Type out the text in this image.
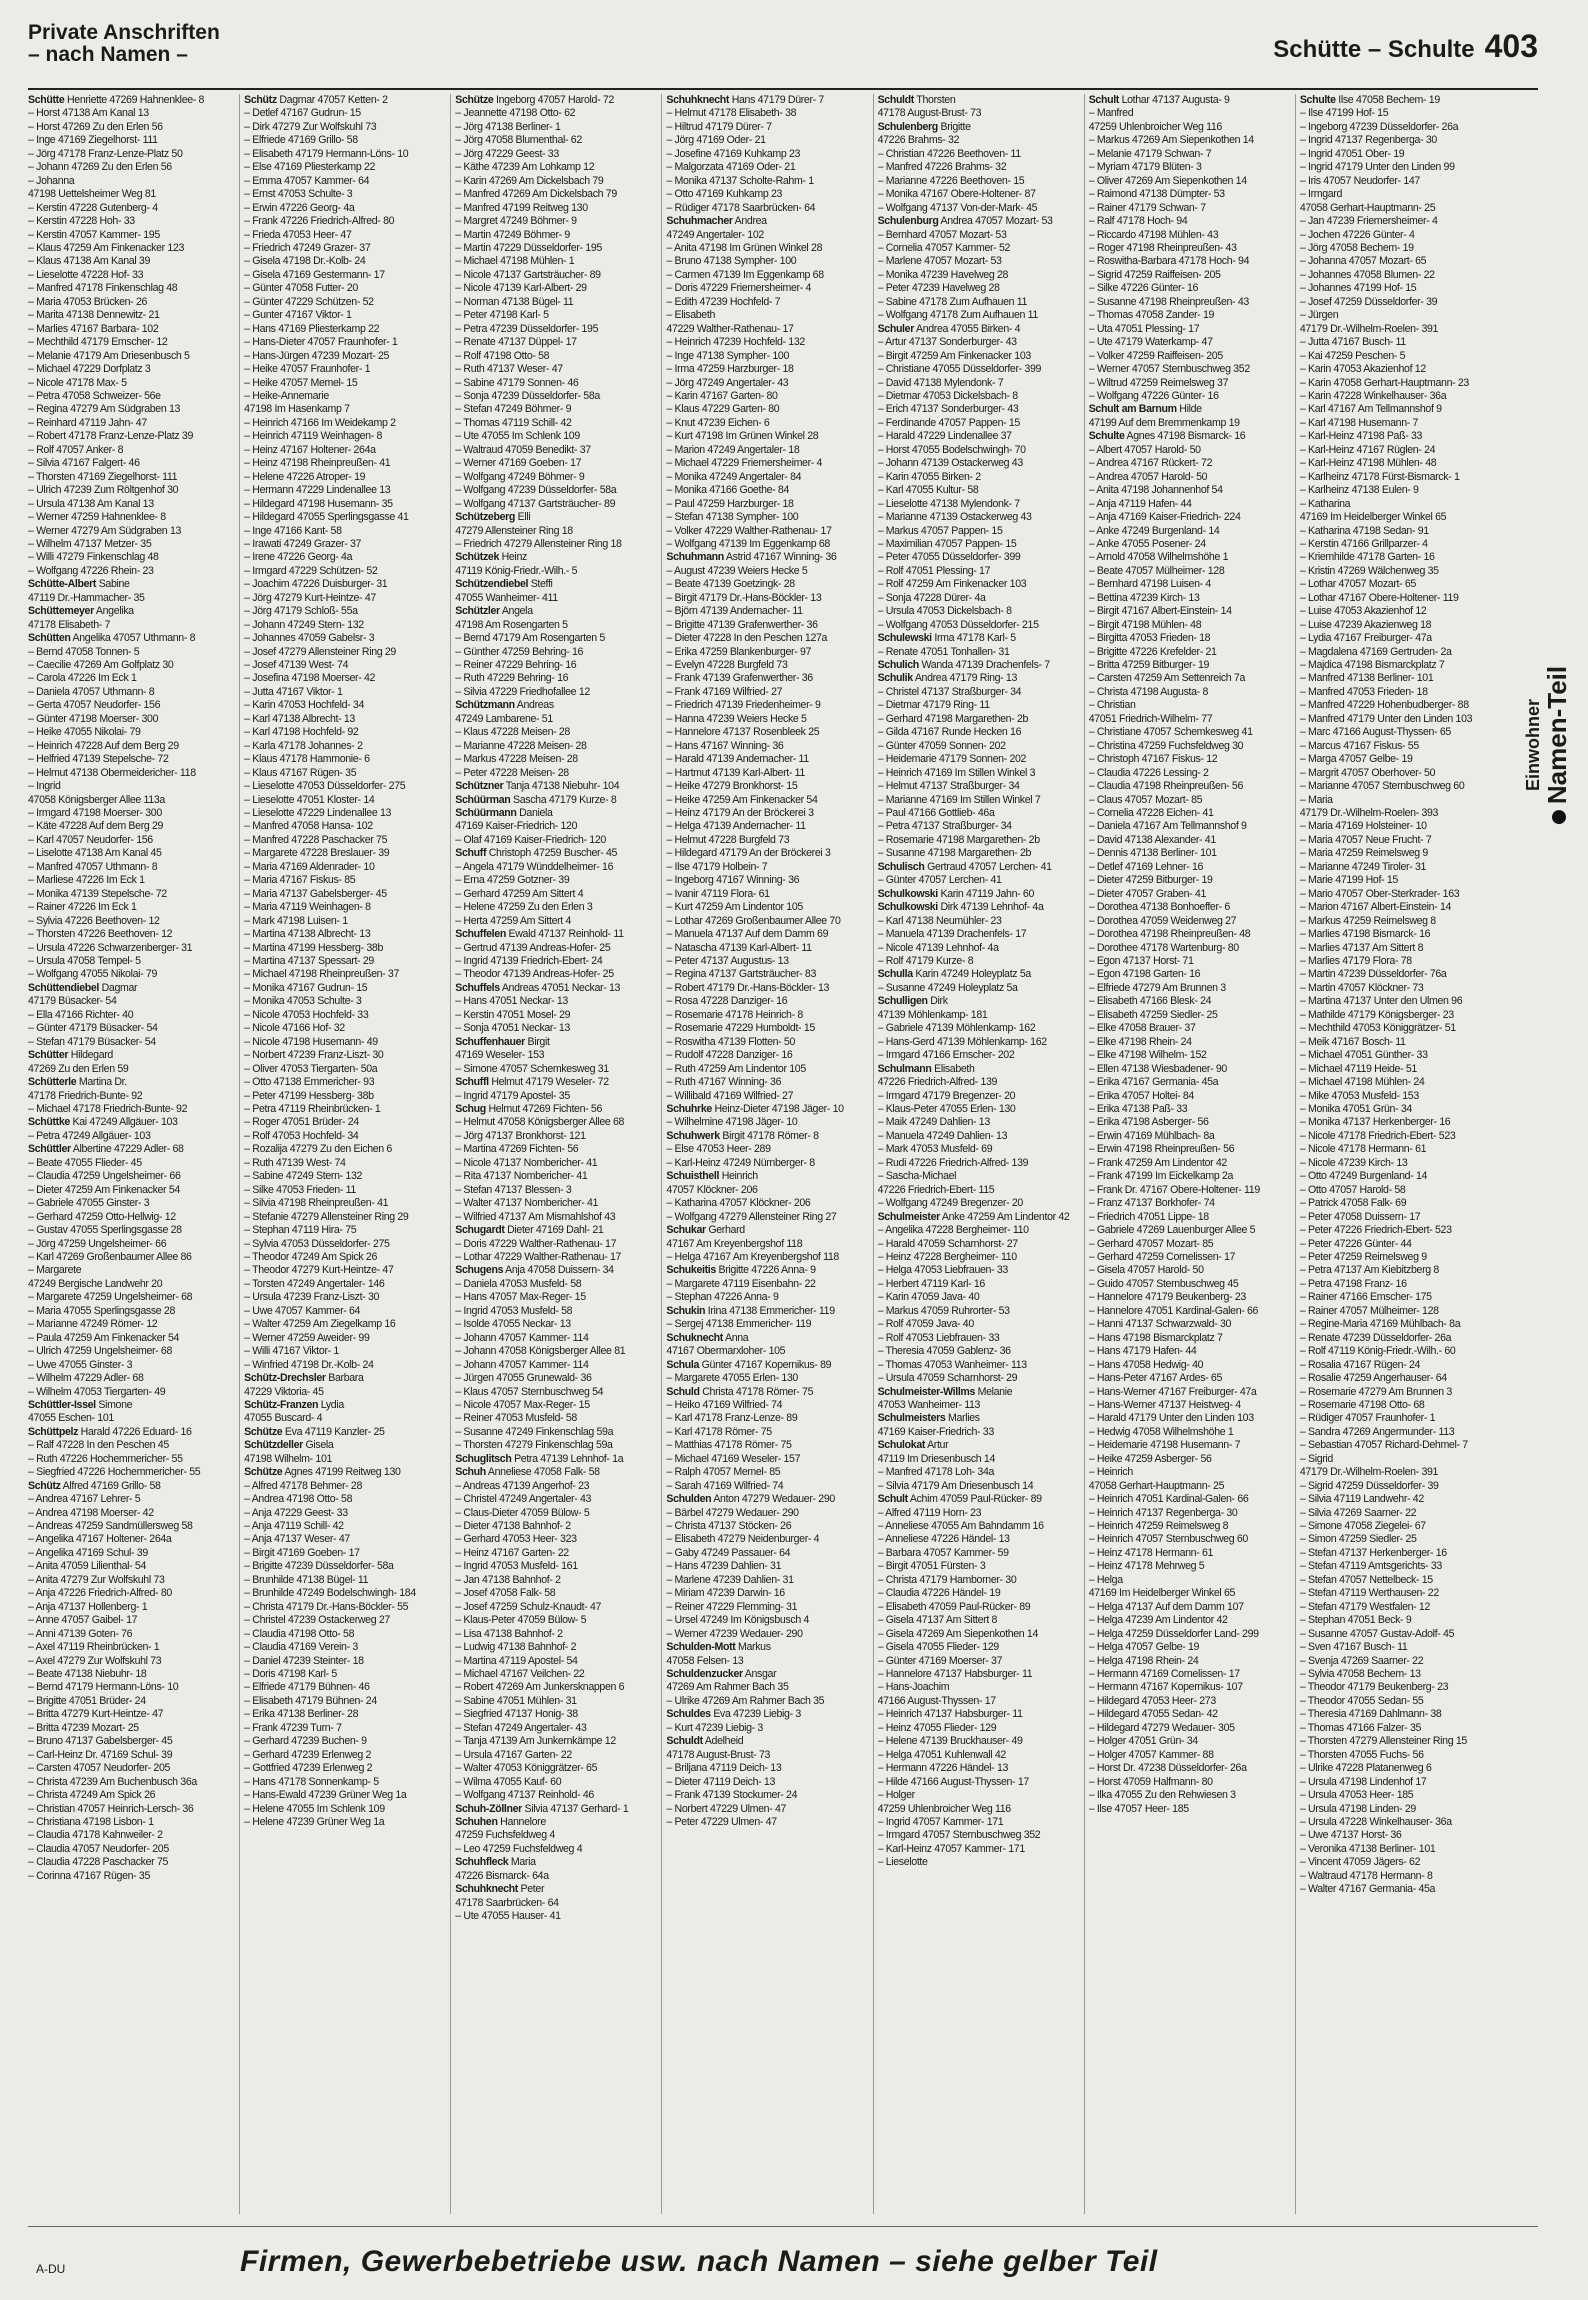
Private Anschriften
– nach Namen –	Schütte – Schulte 403
Schütte Henriette 47269 Hahnenklee- 8
– Horst 47138 Am Kanal 13
– Horst 47269 Zu den Erlen 56
– Inge 47169 Ziegelhorst- 111
– Jörg 47178 Franz-Lenze-Platz 50
– Johann 47269 Zu den Erlen 56
– Johanna
47198 Uettelsheimer Weg 81
– Kerstin 47228 Gutenberg- 4
– Kerstin 47228 Hoh- 33
– Kerstin 47057 Kammer- 195
– Klaus 47259 Am Finkenacker 123
– Klaus 47138 Am Kanal 39
– Lieselotte 47228 Hof- 33
– Manfred 47178 Finkenschlag 48
– Maria 47053 Brücken- 26
– Marita 47138 Dennewitz- 21
– Marlies 47167 Barbara- 102
– Mechthild 47179 Emscher- 12
– Melanie 47179 Am Driesenbusch 5
– Michael 47229 Dorfplatz 3
– Nicole 47178 Max- 5
– Petra 47058 Schweizer- 56e
– Regina 47279 Am Südgraben 13
– Reinhard 47119 Jahn- 47
– Robert 47178 Franz-Lenze-Platz 39
– Rolf 47057 Anker- 8
– Silvia 47167 Falgert- 46
– Thorsten 47169 Ziegelhorst- 111
– Ulrich 47239 Zum Röltgenhof 30
– Ursula 47138 Am Kanal 13
– Werner 47259 Hahnenklee- 8
– Werner 47279 Am Südgraben 13
– Wilhelm 47137 Metzer- 35
– Willi 47279 Finkenschlag 48
– Wolfgang 47226 Rhein- 23
Schütte-Albert Sabine
47119 Dr.-Hammacher- 35
Schüttemeyer Angelika
47178 Elisabeth- 7
Schütten Angelika 47057 Uthmann- 8
– Bernd 47058 Tonnen- 5
– Caecilie 47269 Am Golfplatz 30
– Carola 47226 Im Eck 1
– Daniela 47057 Uthmann- 8
– Gerta 47057 Neudorfer- 156
– Günter 47198 Moerser- 300
– Heike 47055 Nikolai- 79
– Heinrich 47228 Auf dem Berg 29
– Helfried 47139 Stepelsche- 72
– Helmut 47138 Obermeidericher- 118
– Ingrid
47058 Königsberger Allee 113a
– Irmgard 47198 Moerser- 300
– Käte 47228 Auf dem Berg 29
– Karl 47057 Neudorfer- 156
– Liselotte 47138 Am Kanal 45
– Manfred 47057 Uthmann- 8
– Marliese 47226 Im Eck 1
– Monika 47139 Stepelsche- 72
– Rainer 47226 Im Eck 1
– Sylvia 47226 Beethoven- 12
– Thorsten 47226 Beethoven- 12
– Ursula 47226 Schwarzenberger- 31
– Ursula 47058 Tempel- 5
– Wolfgang 47055 Nikolai- 79
Schüttendiebel Dagmar
47179 Büsacker- 54
– Ella 47166 Richter- 40
– Günter 47179 Büsacker- 54
– Stefan 47179 Büsacker- 54
Schütter Hildegard
47269 Zu den Erlen 59
Schütterle Martina Dr.
47178 Friedrich-Bunte- 92
– Michael 47178 Friedrich-Bunte- 92
Schüttke Kai 47249 Allgäuer- 103
– Petra 47249 Allgäuer- 103
Schüttler Albertine 47229 Adler- 68
– Beate 47055 Flieder- 45
– Claudia 47259 Ungelsheimer- 66
– Dieter 47259 Am Finkenacker 54
– Gabriele 47055 Ginster- 3
– Gerhard 47259 Otto-Hellwig- 12
– Gustav 47055 Sperlingsgasse 28
– Jörg 47259 Ungelsheimer- 66
– Karl 47269 Großenbaumer Allee 86
– Margarete
47249 Bergische Landwehr 20
– Margarete 47259 Ungelsheimer- 68
– Maria 47055 Sperlingsgasse 28
– Marianne 47249 Römer- 12
– Paula 47259 Am Finkenacker 54
– Ulrich 47259 Ungelsheimer- 68
– Uwe 47055 Ginster- 3
– Wilhelm 47229 Adler- 68
– Wilhelm 47053 Tiergarten- 49
Schüttler-Issel Simone
47055 Eschen- 101
Schüttpelz Harald 47226 Eduard- 16
– Ralf 47228 In den Peschen 45
– Ruth 47226 Hochemmericher- 55
– Siegfried 47226 Hochemmericher- 55
Schütz Alfred 47169 Grillo- 58
– Andrea 47167 Lehrer- 5
– Andrea 47198 Moerser- 42
– Andreas 47259 Sandmüllersweg 58
– Angelika 47167 Holtener- 264a
– Angelika 47169 Schul- 39
– Anita 47059 Lilienthal- 54
– Anita 47279 Zur Wolfskuhl 73
– Anja 47226 Friedrich-Alfred- 80
– Anja 47137 Hollenberg- 1
– Anne 47057 Gaibel- 17
– Anni 47139 Goten- 76
– Axel 47119 Rheinbrücken- 1
– Axel 47279 Zur Wolfskuhl 73
– Beate 47138 Niebuhr- 18
– Bernd 47179 Hermann-Löns- 10
– Brigitte 47051 Brüder- 24
– Britta 47279 Kurt-Heintze- 47
– Britta 47239 Mozart- 25
– Bruno 47137 Gabelsberger- 45
– Carl-Heinz Dr. 47169 Schul- 39
– Carsten 47057 Neudorfer- 205
– Christa 47239 Am Buchenbusch 36a
– Christa 47249 Am Spick 26
– Christian 47057 Heinrich-Lersch- 36
– Christiana 47198 Lisbon- 1
– Claudia 47178 Kahnweiler- 2
– Claudia 47057 Neudorfer- 205
– Claudia 47228 Paschacker 75
– Corinna 47167 Rügen- 35
Schütz Dagmar 47057 Ketten- 2
– Detlef 47167 Gudrun- 15
– Dirk 47279 Zur Wolfskuhl 73
– Elfriede 47169 Grillo- 58
– Elisabeth 47179 Hermann-Löns- 10
– Else 47169 Pliesterkamp 22
– Emma 47057 Kammer- 64
– Ernst 47053 Schulte- 3
– Erwin 47226 Georg- 4a
– Frank 47226 Friedrich-Alfred- 80
– Frieda 47053 Heer- 47
– Friedrich 47249 Grazer- 37
– Gisela 47198 Dr.-Kolb- 24
– Gisela 47169 Gestermann- 17
– Günter 47058 Futter- 20
– Günter 47229 Schützen- 52
– Gunter 47167 Viktor- 1
– Hans 47169 Pliesterkamp 22
– Hans-Dieter 47057 Fraunhofer- 1
– Hans-Jürgen 47239 Mozart- 25
– Heike 47057 Fraunhofer- 1
– Heike 47057 Memel- 15
– Heike-Annemarie
47198 Im Hasenkamp 7
– Heinrich 47166 Im Weidekamp 2
– Heinrich 47119 Weinhagen- 8
– Heinz 47167 Holtener- 264a
– Heinz 47198 Rheinpreußen- 41
– Helene 47226 Atroper- 19
– Hermann 47229 Lindenallee 13
– Hildegard 47198 Husemann- 35
– Hildegard 47055 Sperlingsgasse 41
– Inge 47166 Kant- 58
– Irawati 47249 Grazer- 37
– Irene 47226 Georg- 4a
– Irmgard 47229 Schützen- 52
– Joachim 47226 Duisburger- 31
– Jörg 47279 Kurt-Heintze- 47
– Jörg 47179 Schloß- 55a
– Johann 47249 Stern- 132
– Johannes 47059 Gabelsr- 3
– Josef 47279 Allensteiner Ring 29
– Josef 47139 West- 74
– Josefina 47198 Moerser- 42
– Jutta 47167 Viktor- 1
– Karin 47053 Hochfeld- 34
– Karl 47138 Albrecht- 13
– Karl 47198 Hochfeld- 92
– Karla 47178 Johannes- 2
– Klaus 47178 Hammonie- 6
– Klaus 47167 Rügen- 35
– Lieselotte 47053 Düsseldorfer- 275
– Lieselotte 47051 Kloster- 14
– Lieselotte 47229 Lindenallee 13
– Manfred 47058 Hansa- 102
– Manfred 47228 Paschacker 75
– Margarete 47228 Breslauer- 39
– Maria 47169 Aldenrader- 10
– Maria 47167 Fiskus- 85
– Maria 47137 Gabelsberger- 45
– Maria 47119 Weinhagen- 8
– Mark 47198 Luisen- 1
– Martina 47138 Albrecht- 13
– Martina 47199 Hessberg- 38b
– Martina 47137 Spessart- 29
– Michael 47198 Rheinpreußen- 37
– Monika 47167 Gudrun- 15
– Monika 47053 Schulte- 3
– Nicole 47053 Hochfeld- 33
– Nicole 47166 Hof- 32
– Nicole 47198 Husemann- 49
– Norbert 47239 Franz-Liszt- 30
– Oliver 47053 Tiergarten- 50a
– Otto 47138 Emmericher- 93
– Peter 47199 Hessberg- 38b
– Petra 47119 Rheinbrücken- 1
– Roger 47051 Brüder- 24
– Rolf 47053 Hochfeld- 34
– Rozalija 47279 Zu den Eichen 6
– Ruth 47139 West- 74
– Sabine 47249 Stern- 132
– Silke 47053 Frieden- 11
– Silvia 47198 Rheinpreußen- 41
– Stefanie 47279 Allensteiner Ring 29
– Stephan 47119 Hira- 75
– Sylvia 47053 Düsseldorfer- 275
– Theodor 47249 Am Spick 26
– Theodor 47279 Kurt-Heintze- 47
– Torsten 47249 Angertaler- 146
– Ursula 47239 Franz-Liszt- 30
– Uwe 47057 Kammer- 64
– Walter 47259 Am Ziegelkamp 16
– Werner 47259 Aweider- 99
– Willi 47167 Viktor- 1
– Winfried 47198 Dr.-Kolb- 24
Schütz-Drechsler Barbara
47229 Viktoria- 45
Schütz-Franzen Lydia
47055 Buscard- 4
Schütze Eva 47119 Kanzler- 25
Schützdeller Gisela
47198 Wilhelm- 101
Schütze Agnes 47199 Reitweg 130
– Alfred 47178 Behmer- 28
– Andrea 47198 Otto- 58
– Anja 47229 Geest- 33
– Anja 47119 Schill- 42
– Anja 47137 Weser- 47
– Birgit 47169 Goeben- 17
– Brigitte 47239 Düsseldorfer- 58a
– Brunhilde 47138 Bügel- 11
– Brunhilde 47249 Bodelschwingh- 184
– Christa 47179 Dr.-Hans-Böckler- 55
– Christel 47239 Ostackerweg 27
– Claudia 47198 Otto- 58
– Claudia 47169 Verein- 3
– Daniel 47239 Steinter- 18
– Doris 47198 Karl- 5
– Elfriede 47179 Bühnen- 46
– Elisabeth 47179 Bühnen- 24
– Erika 47138 Berliner- 28
– Frank 47239 Turn- 7
– Gerhard 47239 Buchen- 9
– Gerhard 47239 Erlenweg 2
– Gottfried 47239 Erlenweg 2
– Hans 47178 Sonnenkamp- 5
– Hans-Ewald 47239 Grüner Weg 1a
– Helene 47055 Im Schlenk 109
– Helene 47239 Grüner Weg 1a
Schütze Ingeborg 47057 Harold- 72
– Jeannette 47198 Otto- 62
– Jörg 47138 Berliner- 1
– Jörg 47058 Blumenthal- 62
– Jörg 47229 Geest- 33
– Käthe 47239 Am Lohkamp 12
– Karin 47269 Am Dickelsbach 79
– Manfred 47269 Am Dickelsbach 79
– Manfred 47199 Reitweg 130
– Margret 47249 Böhmer- 9
– Martin 47249 Böhmer- 9
– Martin 47229 Düsseldorfer- 195
– Michael 47198 Mühlen- 1
– Nicole 47137 Gartsträucher- 89
– Nicole 47139 Karl-Albert- 29
– Norman 47138 Bügel- 11
– Peter 47198 Karl- 5
– Petra 47239 Düsseldorfer- 195
– Renate 47137 Düppel- 17
– Rolf 47198 Otto- 58
– Ruth 47137 Weser- 47
– Sabine 47179 Sonnen- 46
– Sonja 47239 Düsseldorfer- 58a
– Stefan 47249 Böhmer- 9
– Thomas 47119 Schill- 42
– Ute 47055 Im Schlenk 109
– Waltraud 47059 Benedikt- 37
– Werner 47169 Goeben- 17
– Wolfgang 47249 Böhmer- 9
– Wolfgang 47239 Düsseldorfer- 58a
– Wolfgang 47137 Gartsträucher- 89
Schützeberg Elli
47279 Allensteiner Ring 18
– Friedrich 47279 Allensteiner Ring 18
Schützek Heinz
47119 König-Friedr.-Wilh.- 5
Schützendiebel Steffi
47055 Wanheimer- 411
Schützler Angela
47198 Am Rosengarten 5
– Bernd 47179 Am Rosengarten 5
– Günther 47259 Behring- 16
– Reiner 47229 Behring- 16
– Ruth 47229 Behring- 16
– Silvia 47229 Friedhofallee 12
Schützmann Andreas
47249 Lambarene- 51
– Klaus 47228 Meisen- 28
– Marianne 47228 Meisen- 28
– Markus 47228 Meisen- 28
– Peter 47228 Meisen- 28
Schützner Tanja 47138 Niebuhr- 104
Schüürman Sascha 47179 Kurze- 8
Schüürmann Daniela
47169 Kaiser-Friedrich- 120
– Olaf 47169 Kaiser-Friedrich- 120
Schuff Christoph 47259 Buscher- 45
– Angela 47179 Wünddelheimer- 16
– Erna 47259 Gotzner- 39
– Gerhard 47259 Am Sittert 4
– Helene 47259 Zu den Erlen 3
– Herta 47259 Am Sittert 4
Schuffelen Ewald 47137 Reinhold- 11
– Gertrud 47139 Andreas-Hofer- 25
– Ingrid 47139 Friedrich-Ebert- 24
– Theodor 47139 Andreas-Hofer- 25
Schuffels Andreas 47051 Neckar- 13
– Hans 47051 Neckar- 13
– Kerstin 47051 Mosel- 29
– Sonja 47051 Neckar- 13
Schuffenhauer Birgit
47169 Weseler- 153
– Simone 47057 Schemkesweg 31
Schuffl Helmut 47179 Weseler- 72
– Ingrid 47179 Apostel- 35
Schug Helmut 47269 Fichten- 56
– Helmut 47058 Königsberger Allee 68
– Jörg 47137 Bronkhorst- 121
– Martina 47269 Fichten- 56
– Nicole 47137 Nombericher- 41
– Rita 47137 Nombericher- 41
– Stefan 47137 Blessen- 3
– Walter 47137 Nombericher- 41
– Wilfried 47137 Am Mismahlshof 43
Schugardt Dieter 47169 Dahl- 21
– Doris 47229 Walther-Rathenau- 17
– Lothar 47229 Walther-Rathenau- 17
Schugens Anja 47058 Duissern- 34
– Daniela 47053 Musfeld- 58
– Hans 47057 Max-Reger- 15
– Ingrid 47053 Musfeld- 58
– Isolde 47055 Neckar- 13
– Johann 47057 Kammer- 114
– Johann 47058 Königsberger Allee 81
– Johann 47057 Kammer- 114
– Jürgen 47055 Grunewald- 36
– Klaus 47057 Sternbuschweg 54
– Nicole 47057 Max-Reger- 15
– Reiner 47053 Musfeld- 58
– Susanne 47249 Finkenschlag 59a
– Thorsten 47279 Finkenschlag 59a
Schuglitsch Petra 47139 Lehnhof- 1a
Schuh Anneliese 47058 Falk- 58
– Andreas 47139 Angerhof- 23
– Christel 47249 Angertaler- 43
– Claus-Dieter 47059 Bülow- 5
– Dieter 47138 Bahnhof- 2
– Gerhard 47053 Heer- 323
– Heinz 47167 Garten- 22
– Ingrid 47053 Musfeld- 161
– Jan 47138 Bahnhof- 2
– Josef 47058 Falk- 58
– Josef 47259 Schulz-Knaudt- 47
– Klaus-Peter 47059 Bülow- 5
– Lisa 47138 Bahnhof- 2
– Ludwig 47138 Bahnhof- 2
– Martina 47119 Apostel- 54
– Michael 47167 Veilchen- 22
– Robert 47269 Am Junkersknappen 6
– Sabine 47051 Mühlen- 31
– Siegfried 47137 Honig- 38
– Stefan 47249 Angertaler- 43
– Tanja 47139 Am Junkernkämpe 12
– Ursula 47167 Garten- 22
– Walter 47053 Königgrätzer- 65
– Wilma 47055 Kauf- 60
– Wolfgang 47137 Reinhold- 46
Schuh-Zöllner Silvia 47137 Gerhard- 1
Schuhen Hannelore
47259 Fuchsfeldweg 4
– Leo 47259 Fuchsfeldweg 4
Schuhfleck Maria
47226 Bismarck- 64a
Schuhknecht Peter
47178 Saarbrücken- 64
– Ute 47055 Hauser- 41
Schuhknecht Hans 47179 Dürer- 7
– Helmut 47178 Elisabeth- 38
– Hiltrud 47179 Dürer- 7
– Jörg 47169 Oder- 21
– Josefine 47169 Kuhkamp 23
– Malgorzata 47169 Oder- 21
– Monika 47137 Scholte-Rahm- 1
– Otto 47169 Kuhkamp 23
– Rüdiger 47178 Saarbrücken- 64
Schuhmacher Andrea
47249 Angertaler- 102
– Anita 47198 Im Grünen Winkel 28
– Bruno 47138 Sympher- 100
– Carmen 47139 Im Eggenkamp 68
– Doris 47229 Friemersheimer- 4
– Edith 47239 Hochfeld- 7
– Elisabeth
47229 Walther-Rathenau- 17
– Heinrich 47239 Hochfeld- 132
– Inge 47138 Sympher- 100
– Irma 47259 Harzburger- 18
– Jörg 47249 Angertaler- 43
– Karin 47167 Garten- 80
– Klaus 47229 Garten- 80
– Knut 47239 Eichen- 6
– Kurt 47198 Im Grünen Winkel 28
– Marion 47249 Angertaler- 18
– Michael 47229 Friemersheimer- 4
– Monika 47249 Angertaler- 84
– Monika 47166 Goethe- 84
– Paul 47259 Harzburger- 18
– Stefan 47138 Sympher- 100
– Volker 47229 Walther-Rathenau- 17
– Wolfgang 47139 Im Eggenkamp 68
Schuhmann Astrid 47167 Winning- 36
– August 47239 Weiers Hecke 5
– Beate 47139 Goetzingk- 28
– Birgit 47179 Dr.-Hans-Böckler- 13
– Björn 47139 Andernacher- 11
– Brigitte 47139 Grafenwerther- 36
– Dieter 47228 In den Peschen 127a
– Erika 47259 Blankenburger- 97
– Evelyn 47228 Burgfeld 73
– Frank 47139 Grafenwerther- 36
– Frank 47169 Wilfried- 27
– Friedrich 47139 Friedenheimer- 9
– Hanna 47239 Weiers Hecke 5
– Hannelore 47137 Rosenbleek 25
– Hans 47167 Winning- 36
– Harald 47139 Andernacher- 11
– Hartmut 47139 Karl-Albert- 11
– Heike 47279 Bronkhorst- 15
– Heike 47259 Am Finkenacker 54
– Heinz 47179 An der Bröckerei 3
– Helga 47139 Andernacher- 11
– Helmut 47228 Burgfeld 73
– Hildegard 47179 An der Bröckerei 3
– Ilse 47179 Holbein- 7
– Ingeborg 47167 Winning- 36
– Ivanir 47119 Flora- 61
– Kurt 47259 Am Lindentor 105
– Lothar 47269 Großenbaumer Allee 70
– Manuela 47137 Auf dem Damm 69
– Natascha 47139 Karl-Albert- 11
– Peter 47137 Augustus- 13
– Regina 47137 Gartsträucher- 83
– Robert 47179 Dr.-Hans-Böckler- 13
– Rosa 47228 Danziger- 16
– Rosemarie 47178 Heinrich- 8
– Rosemarie 47229 Humboldt- 15
– Roswitha 47139 Flotten- 50
– Rudolf 47228 Danziger- 16
– Ruth 47259 Am Lindentor 105
– Ruth 47167 Winning- 36
– Willibald 47169 Wilfried- 27
Schuhrke Heinz-Dieter 47198 Jäger- 10
– Wilhelmine 47198 Jäger- 10
Schuhwerk Birgit 47178 Römer- 8
– Else 47053 Heer- 289
– Karl-Heinz 47249 Nürnberger- 8
Schuisthell Heinrich
47057 Klöckner- 206
– Katharina 47057 Klöckner- 206
– Wolfgang 47279 Allensteiner Ring 27
Schukar Gerhard
47167 Am Kreyenbergshof 118
– Helga 47167 Am Kreyenbergshof 118
Schukeitis Brigitte 47226 Anna- 9
– Margarete 47119 Eisenbahn- 22
– Stephan 47226 Anna- 9
Schukin Irina 47138 Emmericher- 119
– Sergej 47138 Emmericher- 119
Schuknecht Anna
47167 Obermarxloher- 105
Schula Günter 47167 Kopernikus- 89
– Margarete 47055 Erlen- 130
Schuld Christa 47178 Römer- 75
– Heiko 47169 Wilfried- 74
– Karl 47178 Franz-Lenze- 89
– Karl 47178 Römer- 75
– Matthias 47178 Römer- 75
– Michael 47169 Weseler- 157
– Ralph 47057 Memel- 85
– Sarah 47169 Wilfried- 74
Schulden Anton 47279 Wedauer- 290
– Bärbel 47279 Wedauer- 290
– Christa 47137 Stöcken- 26
– Elisabeth 47279 Neidenburger- 4
– Gaby 47249 Passauer- 64
– Hans 47239 Dahlien- 31
– Marlene 47239 Dahlien- 31
– Miriam 47239 Darwin- 16
– Reiner 47229 Flemming- 31
– Ursel 47249 Im Königsbusch 4
– Werner 47239 Wedauer- 290
Schulden-Mott Markus
47058 Felsen- 13
Schuldenzucker Ansgar
47269 Am Rahmer Bach 35
– Ulrike 47269 Am Rahmer Bach 35
Schuldes Eva 47239 Liebig- 3
– Kurt 47239 Liebig- 3
Schuldt Adelheid
47178 August-Brust- 73
– Briljana 47119 Deich- 13
– Dieter 47119 Deich- 13
– Frank 47139 Stockumer- 24
– Norbert 47229 Ulmen- 47
– Peter 47229 Ulmen- 47
Schuldt Thorsten
47178 August-Brust- 73
Schulenberg Brigitte
47226 Brahms- 32
– Christian 47226 Beethoven- 11
– Manfred 47226 Brahms- 32
– Marianne 47226 Beethoven- 15
– Monika 47167 Obere-Holtener- 87
– Wolfgang 47137 Von-der-Mark- 45
Schulenburg Andrea 47057 Mozart- 53
– Bernhard 47057 Mozart- 53
– Cornelia 47057 Kammer- 52
– Marlene 47057 Mozart- 53
– Monika 47239 Havelweg 28
– Peter 47239 Havelweg 28
– Sabine 47178 Zum Aufhauen 11
– Wolfgang 47178 Zum Aufhauen 11
Schuler Andrea 47055 Birken- 4
– Artur 47137 Sonderburger- 43
– Birgit 47259 Am Finkenacker 103
– Christiane 47055 Düsseldorfer- 399
– David 47138 Mylendonk- 7
– Dietmar 47053 Dickelsbach- 8
– Erich 47137 Sonderburger- 43
– Ferdinande 47057 Pappen- 15
– Harald 47229 Lindenallee 37
– Horst 47055 Bodelschwingh- 70
– Johann 47139 Ostackerweg 43
– Karin 47055 Birken- 2
– Karl 47055 Kultur- 58
– Lieselotte 47138 Mylendonk- 7
– Marianne 47139 Ostackerweg 43
– Markus 47057 Pappen- 15
– Maximilian 47057 Pappen- 15
– Peter 47055 Düsseldorfer- 399
– Rolf 47051 Plessing- 17
– Rolf 47259 Am Finkenacker 103
– Sonja 47228 Dürer- 4a
– Ursula 47053 Dickelsbach- 8
– Wolfgang 47053 Düsseldorfer- 215
Schulewski Irma 47178 Karl- 5
– Renate 47051 Tonhallen- 31
Schulich Wanda 47139 Drachenfels- 7
Schulik Andrea 47179 Ring- 13
– Christel 47137 Straßburger- 34
– Dietmar 47179 Ring- 11
– Gerhard 47198 Margarethen- 2b
– Gilda 47167 Runde Hecken 16
– Günter 47059 Sonnen- 202
– Heidemarie 47179 Sonnen- 202
– Heinrich 47169 Im Stillen Winkel 3
– Helmut 47137 Straßburger- 34
– Marianne 47169 Im Stillen Winkel 7
– Paul 47166 Gottlieb- 46a
– Petra 47137 Straßburger- 34
– Rosemarie 47198 Margarethen- 2b
– Susanne 47198 Margarethen- 2b
Schulisch Gertraud 47057 Lerchen- 41
– Günter 47057 Lerchen- 41
Schulkowski Karin 47119 Jahn- 60
Schulkowski Dirk 47139 Lehnhof- 4a
– Karl 47138 Neumühler- 23
– Manuela 47139 Drachenfels- 17
– Nicole 47139 Lehnhof- 4a
– Rolf 47179 Kurze- 8
Schulla Karin 47249 Holeyplatz 5a
– Susanne 47249 Holeyplatz 5a
Schulligen Dirk
47139 Möhlenkamp- 181
– Gabriele 47139 Möhlenkamp- 162
– Hans-Gerd 47139 Möhlenkamp- 162
– Irmgard 47166 Emscher- 202
Schulmann Elisabeth
47226 Friedrich-Alfred- 139
– Irmgard 47179 Bregenzer- 20
– Klaus-Peter 47055 Erlen- 130
– Maik 47249 Dahlien- 13
– Manuela 47249 Dahlien- 13
– Mark 47053 Musfeld- 69
– Rudi 47226 Friedrich-Alfred- 139
– Sascha-Michael
47226 Friedrich-Ebert- 115
– Wolfgang 47249 Bregenzer- 20
Schulmeister Anke 47259 Am Lindentor 42
– Angelika 47228 Bergheimer- 110
– Harald 47059 Scharnhorst- 27
– Heinz 47228 Bergheimer- 110
– Helga 47053 Liebfrauen- 33
– Herbert 47119 Karl- 16
– Karin 47059 Java- 40
– Markus 47059 Ruhrorter- 53
– Rolf 47059 Java- 40
– Rolf 47053 Liebfrauen- 33
– Theresia 47059 Gablenz- 36
– Thomas 47053 Wanheimer- 113
– Ursula 47059 Scharnhorst- 29
Schulmeister-Willms Melanie
47053 Wanheimer- 113
Schulmeisters Marlies
47169 Kaiser-Friedrich- 33
Schulokat Artur
47119 Im Driesenbusch 14
– Manfred 47178 Loh- 34a
– Silvia 47179 Am Driesenbusch 14
Schult Achim 47059 Paul-Rücker- 89
– Alfred 47119 Horn- 23
– Anneliese 47055 Am Bahndamm 16
– Anneliese 47226 Händel- 13
– Barbara 47057 Kammer- 59
– Birgit 47051 Fürsten- 3
– Christa 47179 Hamborner- 30
– Claudia 47226 Händel- 19
– Elisabeth 47059 Paul-Rücker- 89
– Gisela 47137 Am Sittert 8
– Gisela 47269 Am Siepenkothen 14
– Gisela 47055 Flieder- 129
– Günter 47169 Moerser- 37
– Hannelore 47137 Habsburger- 11
– Hans-Joachim
47166 August-Thyssen- 17
– Heinrich 47137 Habsburger- 11
– Heinz 47055 Flieder- 129
– Helene 47139 Bruckhauser- 49
– Helga 47051 Kuhlenwall 42
– Hermann 47226 Händel- 13
– Hilde 47166 August-Thyssen- 17
– Holger
47259 Uhlenbroicher Weg 116
– Ingrid 47057 Kammer- 171
– Irmgard 47057 Sternbuschweg 352
– Karl-Heinz 47057 Kammer- 171
– Lieselotte
Schult Lothar 47137 Augusta- 9
– Manfred
47259 Uhlenbroicher Weg 116
– Markus 47269 Am Siepenkothen 14
– Melanie 47179 Schwan- 7
– Myriam 47179 Blüten- 3
– Oliver 47269 Am Siepenkothen 14
– Raimond 47138 Dümpter- 53
– Rainer 47179 Schwan- 7
– Ralf 47178 Hoch- 94
– Riccardo 47198 Mühlen- 43
– Roger 47198 Rheinpreußen- 43
– Roswitha-Barbara 47178 Hoch- 94
– Sigrid 47259 Raiffeisen- 205
– Silke 47226 Günter- 16
– Susanne 47198 Rheinpreußen- 43
– Thomas 47058 Zander- 19
– Uta 47051 Plessing- 17
– Ute 47179 Waterkamp- 47
– Volker 47259 Raiffeisen- 205
– Werner 47057 Sternbuschweg 352
– Wiltrud 47259 Reimelsweg 37
– Wolfgang 47226 Günter- 16
Schult am Barnum Hilde
47199 Auf dem Bremmenkamp 19
Schulte Agnes 47198 Bismarck- 16
– Albert 47057 Harold- 50
– Andrea 47167 Rückert- 72
– Andrea 47057 Harold- 50
– Anita 47198 Johannenhof 54
– Anja 47119 Hafen- 44
– Anja 47169 Kaiser-Friedrich- 224
– Anke 47249 Burgenland- 14
– Anke 47055 Posener- 24
– Arnold 47058 Wilhelmshöhe 1
– Beate 47057 Mülheimer- 128
– Bernhard 47198 Luisen- 4
– Bettina 47239 Kirch- 13
– Birgit 47167 Albert-Einstein- 14
– Birgit 47198 Mühlen- 48
– Birgitta 47053 Frieden- 18
– Brigitte 47226 Krefelder- 21
– Britta 47259 Bitburger- 19
– Carsten 47259 Am Settenreich 7a
– Christa 47198 Augusta- 8
– Christian
47051 Friedrich-Wilhelm- 77
– Christiane 47057 Schemkesweg 41
– Christina 47259 Fuchsfeldweg 30
– Christoph 47167 Fiskus- 12
– Claudia 47226 Lessing- 2
– Claudia 47198 Rheinpreußen- 56
– Claus 47057 Mozart- 85
– Cornelia 47228 Eichen- 41
– Daniela 47167 Am Tellmannshof 9
– David 47138 Alexander- 41
– Dennis 47138 Berliner- 101
– Detlef 47169 Lehner- 16
– Dieter 47259 Bitburger- 19
– Dieter 47057 Graben- 41
– Dorothea 47138 Bonhoeffer- 6
– Dorothea 47059 Weidenweg 27
– Dorothea 47198 Rheinpreußen- 48
– Dorothee 47178 Wartenburg- 80
– Egon 47137 Horst- 71
– Egon 47198 Garten- 16
– Elfriede 47279 Am Brunnen 3
– Elisabeth 47166 Blesk- 24
– Elisabeth 47259 Siedler- 25
– Elke 47058 Brauer- 37
– Elke 47198 Rhein- 24
– Elke 47198 Wilhelm- 152
– Ellen 47138 Wiesbadener- 90
– Erika 47167 Germania- 45a
– Erika 47057 Holtei- 84
– Erika 47138 Paß- 33
– Erika 47198 Asberger- 56
– Erwin 47169 Mühlbach- 8a
– Erwin 47198 Rheinpreußen- 56
– Frank 47259 Am Lindentor 42
– Frank 47199 Im Eickelkamp 2a
– Frank Dr. 47167 Obere-Holtener- 119
– Franz 47137 Borkhofer- 74
– Friedrich 47051 Lippe- 18
– Gabriele 47269 Lauenburger Allee 5
– Gerhard 47057 Mozart- 85
– Gerhard 47259 Cornelissen- 17
– Gisela 47057 Harold- 50
– Guido 47057 Sternbuschweg 45
– Hannelore 47179 Beukenberg- 23
– Hannelore 47051 Kardinal-Galen- 66
– Hanni 47137 Schwarzwald- 30
– Hans 47198 Bismarckplatz 7
– Hans 47179 Hafen- 44
– Hans 47058 Hedwig- 40
– Hans-Peter 47167 Ardes- 65
– Hans-Werner 47167 Freiburger- 47a
– Hans-Werner 47137 Heistweg- 4
– Harald 47179 Unter den Linden 103
– Hedwig 47058 Wilhelmshöhe 1
– Heidemarie 47198 Husemann- 7
– Heike 47259 Asberger- 56
– Heinrich
47058 Gerhart-Hauptmann- 25
– Heinrich 47051 Kardinal-Galen- 66
– Heinrich 47137 Regenberga- 30
– Heinrich 47259 Reimelsweg 8
– Heinrich 47057 Sternbuschweg 60
– Heinz 47178 Hermann- 61
– Heinz 47178 Mehrweg 5
– Helga
47169 Im Heidelberger Winkel 65
– Helga 47137 Auf dem Damm 107
– Helga 47239 Am Lindentor 42
– Helga 47259 Düsseldorfer Land- 299
– Helga 47057 Gelbe- 19
– Helga 47198 Rhein- 24
– Hermann 47169 Cornelissen- 17
– Hermann 47167 Kopernikus- 107
– Hildegard 47053 Heer- 273
– Hildegard 47055 Sedan- 42
– Hildegard 47279 Wedauer- 305
– Holger 47051 Grün- 34
– Holger 47057 Kammer- 88
– Horst Dr. 47238 Düsseldorfer- 26a
– Horst 47059 Halfmann- 80
– Ilka 47055 Zu den Rehwiesen 3
– Ilse 47057 Heer- 185
Schulte Ilse 47058 Bechem- 19
– Ilse 47199 Hof- 15
– Ingeborg 47239 Düsseldorfer- 26a
– Ingrid 47137 Regenberga- 30
– Ingrid 47051 Ober- 19
– Ingrid 47179 Unter den Linden 99
– Iris 47057 Neudorfer- 147
– Irmgard
47058 Gerhart-Hauptmann- 25
– Jan 47239 Friemersheimer- 4
– Jochen 47226 Günter- 4
– Jörg 47058 Bechem- 19
– Johanna 47057 Mozart- 65
– Johannes 47058 Blumen- 22
– Johannes 47199 Hof- 15
– Josef 47259 Düsseldorfer- 39
– Jürgen
47179 Dr.-Wilhelm-Roelen- 391
– Jutta 47167 Busch- 11
– Kai 47259 Peschen- 5
– Karin 47053 Akazienhof 12
– Karin 47058 Gerhart-Hauptmann- 23
– Karin 47228 Winkelhauser- 36a
– Karl 47167 Am Tellmannshof 9
– Karl 47198 Husemann- 7
– Karl-Heinz 47198 Paß- 33
– Karl-Heinz 47167 Rüglen- 24
– Karl-Heinz 47198 Mühlen- 48
– Karlheinz 47178 Fürst-Bismarck- 1
– Karlheinz 47138 Eulen- 9
– Katharina
47169 Im Heidelberger Winkel 65
– Katharina 47198 Sedan- 91
– Kerstin 47166 Grillparzer- 4
– Kriemhilde 47178 Garten- 16
– Kristin 47269 Wälchenweg 35
– Lothar 47057 Mozart- 65
– Lothar 47167 Obere-Holtener- 119
– Luise 47053 Akazienhof 12
– Luise 47239 Akazienweg 18
– Lydia 47167 Freiburger- 47a
– Magdalena 47169 Gertruden- 2a
– Majdica 47198 Bismarckplatz 7
– Manfred 47138 Berliner- 101
– Manfred 47053 Frieden- 18
– Manfred 47229 Hohenbudberger- 88
– Manfred 47179 Unter den Linden 103
– Marc 47166 August-Thyssen- 65
– Marcus 47167 Fiskus- 55
– Marga 47057 Gelbe- 19
– Margrit 47057 Oberhover- 50
– Marianne 47057 Sternbuschweg 60
– Maria
47179 Dr.-Wilhelm-Roelen- 393
– Maria 47169 Holsteiner- 10
– Maria 47057 Neue Frucht- 7
– Maria 47259 Reimelsweg 9
– Marianne 47249 Tiroler- 31
– Marie 47199 Hof- 15
– Mario 47057 Ober-Sterkrader- 163
– Marion 47167 Albert-Einstein- 14
– Markus 47259 Reimelsweg 8
– Marlies 47198 Bismarck- 16
– Marlies 47137 Am Sittert 8
– Marlies 47179 Flora- 78
– Martin 47239 Düsseldorfer- 76a
– Martin 47057 Klöckner- 73
– Martina 47137 Unter den Ulmen 96
– Mathilde 47179 Königsberger- 23
– Mechthild 47053 Königgrätzer- 51
– Meik 47167 Bosch- 11
– Michael 47051 Günther- 33
– Michael 47119 Heide- 51
– Michael 47198 Mühlen- 24
– Mike 47053 Musfeld- 153
– Monika 47051 Grün- 34
– Monika 47137 Herkenberger- 16
– Nicole 47178 Friedrich-Ebert- 523
– Nicole 47178 Hermann- 61
– Nicole 47239 Kirch- 13
– Otto 47249 Burgenland- 14
– Otto 47057 Harold- 58
– Patrick 47058 Falk- 69
– Peter 47058 Duissern- 17
– Peter 47226 Friedrich-Ebert- 523
– Peter 47226 Günter- 44
– Peter 47259 Reimelsweg 9
– Petra 47137 Am Kiebitzberg 8
– Petra 47198 Franz- 16
– Rainer 47166 Emscher- 175
– Rainer 47057 Mülheimer- 128
– Regine-Maria 47169 Mühlbach- 8a
– Renate 47239 Düsseldorfer- 26a
– Rolf 47119 König-Friedr.-Wilh.- 60
– Rosalia 47167 Rügen- 24
– Rosalie 47259 Angerhauser- 64
– Rosemarie 47279 Am Brunnen 3
– Rosemarie 47198 Otto- 68
– Rüdiger 47057 Fraunhofer- 1
– Sandra 47269 Angermunder- 113
– Sebastian 47057 Richard-Dehmel- 7
– Sigrid
47179 Dr.-Wilhelm-Roelen- 391
– Sigrid 47259 Düsseldorfer- 39
– Silvia 47119 Landwehr- 42
– Silvia 47269 Saarner- 22
– Simone 47058 Ziegelei- 67
– Simon 47259 Siedler- 25
– Stefan 47137 Herkenberger- 16
– Stefan 47119 Amtsgerichts- 33
– Stefan 47057 Nettelbeck- 15
– Stefan 47119 Werthausen- 22
– Stefan 47179 Westfalen- 12
– Stephan 47051 Beck- 9
– Susanne 47057 Gustav-Adolf- 45
– Sven 47167 Busch- 11
– Svenja 47269 Saarner- 22
– Sylvia 47058 Bechem- 13
– Theodor 47179 Beukenberg- 23
– Theodor 47055 Sedan- 55
– Theresia 47169 Dahlmann- 38
– Thomas 47166 Falzer- 35
– Thorsten 47279 Allensteiner Ring 15
– Thorsten 47055 Fuchs- 56
– Ulrike 47228 Platanenweg 6
– Ursula 47198 Lindenhof 17
– Ursula 47053 Heer- 185
– Ursula 47198 Linden- 29
– Ursula 47228 Winkelhauser- 36a
– Uwe 47137 Horst- 36
– Veronika 47138 Berliner- 101
– Vincent 47059 Jägers- 62
– Waltraud 47178 Hermann- 8
– Walter 47167 Germania- 45a
Einwohner Namen-Teil
A-DU	Firmen, Gewerbebetriebe usw. nach Namen – siehe gelber Teil
